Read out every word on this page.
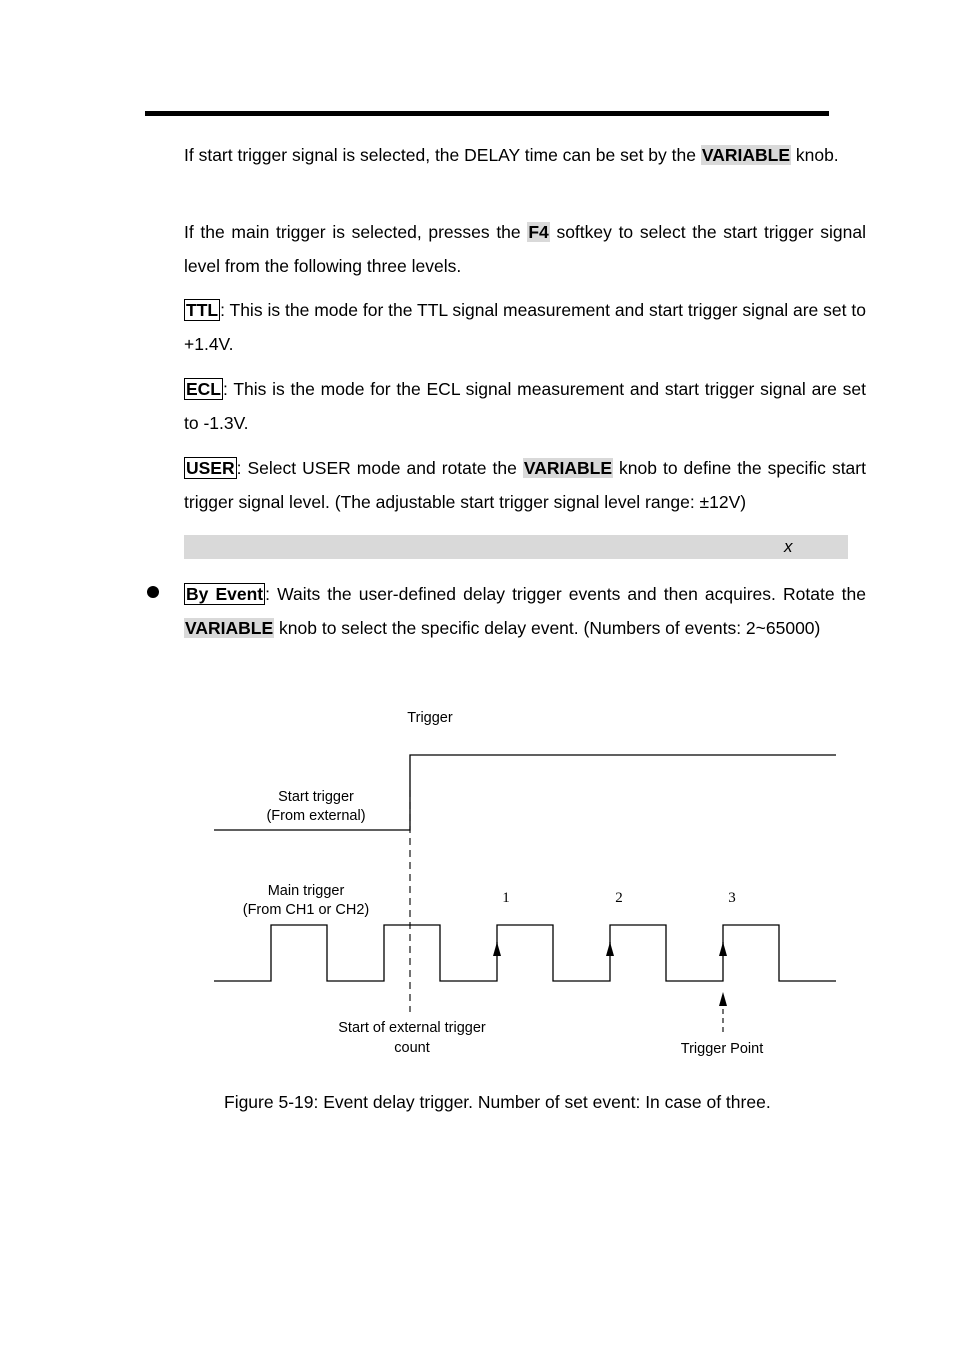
If start trigger signal is selected, the DELAY time can be set by the VARIABLE knob.
If the main trigger is selected, presses the F4 softkey to select the start trigger signal level from the following three levels.
TTL : This is the mode for the TTL signal measurement and start trigger signal are set to +1.4V.
ECL : This is the mode for the ECL signal measurement and start trigger signal are set to -1.3V.
USER : Select USER mode and rotate the VARIABLE knob to define the specific start trigger signal level. (The adjustable start trigger signal level range: ±12V)
x
By Event : Waits the user-defined delay trigger events and then acquires. Rotate the VARIABLE knob to select the specific delay event. (Numbers of events: 2~65000)
Trigger
Start trigger
(From external)
Main trigger
(From CH1 or CH2)
1	2	3
Start of external trigger
count	Trigger Point
Figure 5-19: Event delay trigger. Number of set event: In case of three.
